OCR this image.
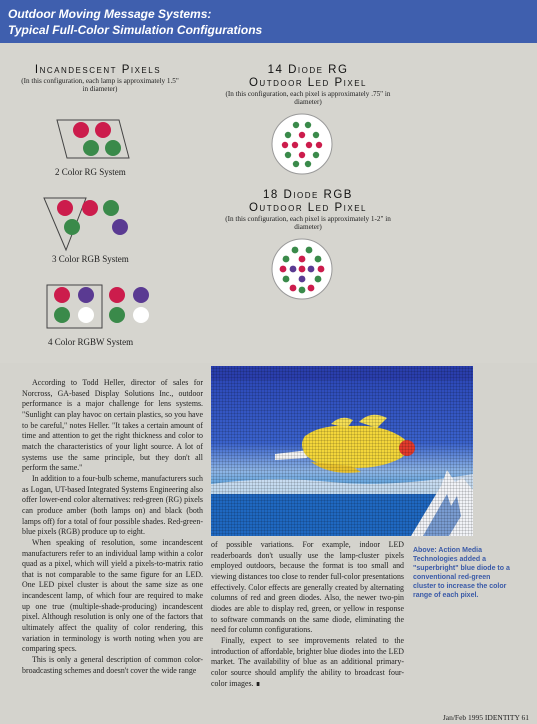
Outdoor Moving Message Systems:
Typical Full-Color Simulation Configurations
Incandescent Pixels
(In this configuration, each lamp is approximately 1.5" in diameter)
2 Color RG System
3 Color RGB System
4 Color RGBW System
14 Diode RG
Outdoor Led Pixel
(In this configuration, each pixel is approximately .75" in diameter)
18 Diode RGB
Outdoor Led Pixel
(In this configuration, each pixel is approximately 1-2" in diameter)

According to Todd Heller, director of sales for Norcross, GA-based Display Solutions Inc., outdoor performance is a major challenge for lens systems. "Sunlight can play havoc on certain plastics, so you have to be careful," notes Heller. "It takes a certain amount of time and attention to get the right thickness and color to match the characteristics of your light source. A lot of systems use the same principle, but they don't all perform the same."

In addition to a four-bulb scheme, manufacturers such as Logan, UT-based Integrated Systems Engineering also offer lower-end color alternatives: red-green (RG) pixels can produce amber (both lamps on) and black (both lamps off) for a total of four possible shades. Red-green-blue pixels (RGB) produce up to eight.

When speaking of resolution, some incandescent manufacturers refer to an individual lamp within a color quad as a pixel, which will yield a pixels-to-matrix ratio that is not comparable to the same figure for an LED. One LED pixel cluster is about the same size as one incandescent lamp, of which four are required to make up one true (multiple-shade-producing) incandescent pixel. Although resolution is only one of the factors that ultimately affect the quality of color rendering, this variation in terminology is worth noting when you are comparing specs.

This is only a general description of common color-broadcasting schemes and doesn't cover the wide range

of possible variations. For example, indoor LED readerboards don't usually use the lamp-cluster pixels employed outdoors, because the format is too small and viewing distances too close to render full-color presentations effectively. Color effects are generally created by alternating columns of red and green diodes. Also, the newer two-pin diodes are able to display red, green, or yellow in response to software commands on the same diode, eliminating the need for column configurations.

Finally, expect to see improvements related to the introduction of affordable, brighter blue diodes into the LED market. The availability of blue as an additional primary-color source should amplify the ability to broadcast four-color images. ∎

Above: Action Media Technologies added a "superbright" blue diode to a conventional red-green cluster to increase the color range of each pixel.
Jan/Feb 1995 IDENTITY 61
